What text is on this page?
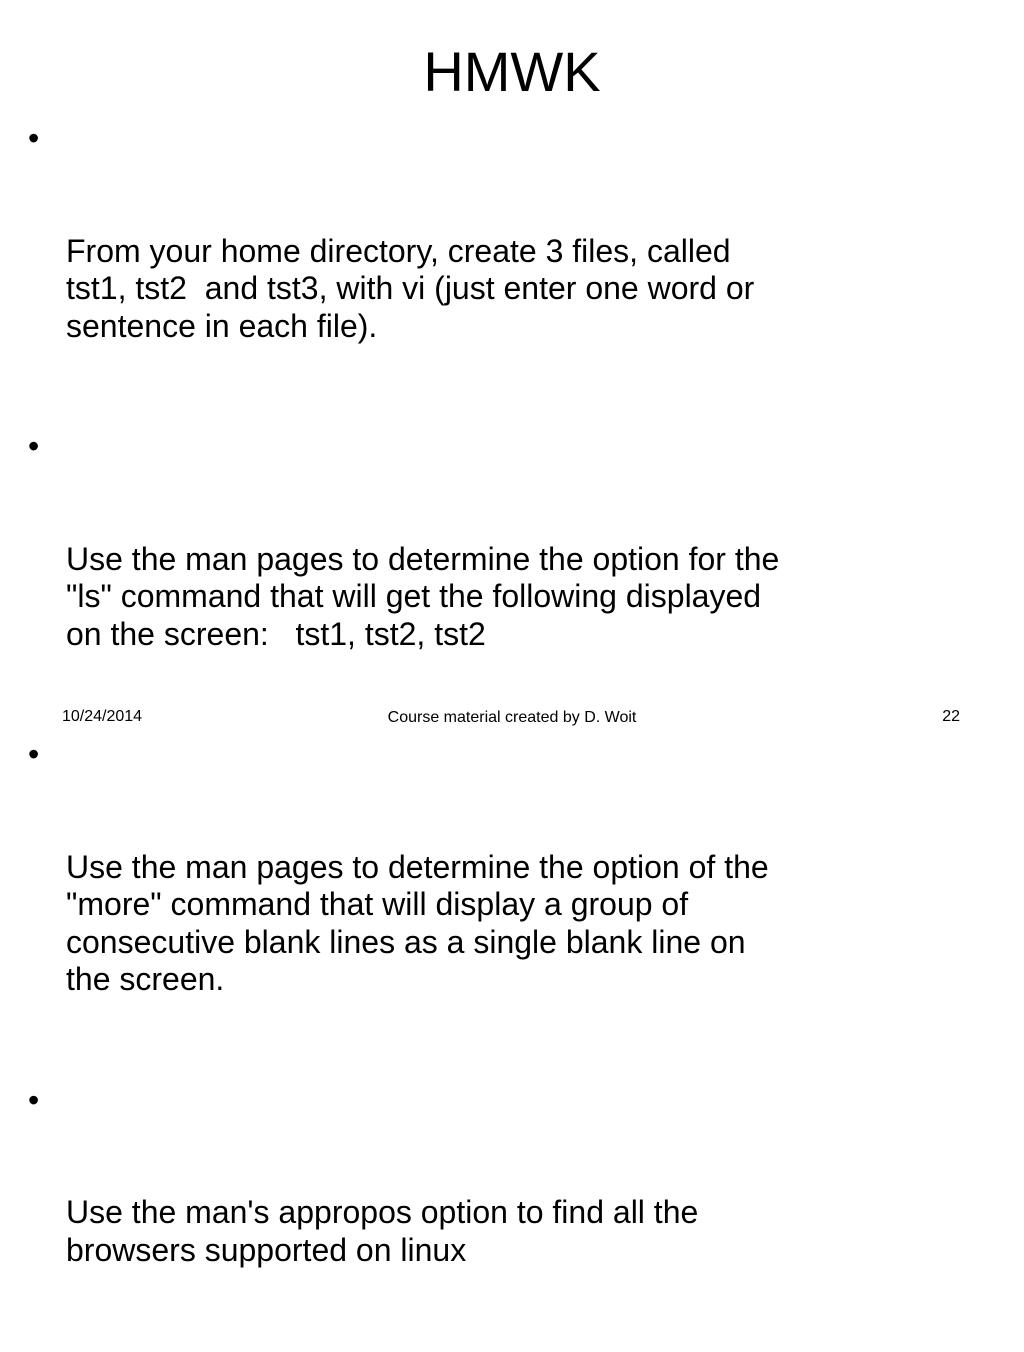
HMWK

•

From your home directory, create 3 files, called
tst1, tst2  and tst3, with vi (just enter one word or
sentence in each file).

•

Use the man pages to determine the option for the
"ls" command that will get the following displayed
on the screen:   tst1, tst2, tst2

•

Use the man pages to determine the option of the
"more" command that will display a group of
consecutive blank lines as a single blank line on
the screen.

•

Use the man's appropos option to find all the
browsers supported on linux

10/24/2014	Course material created by D. Woit	22
